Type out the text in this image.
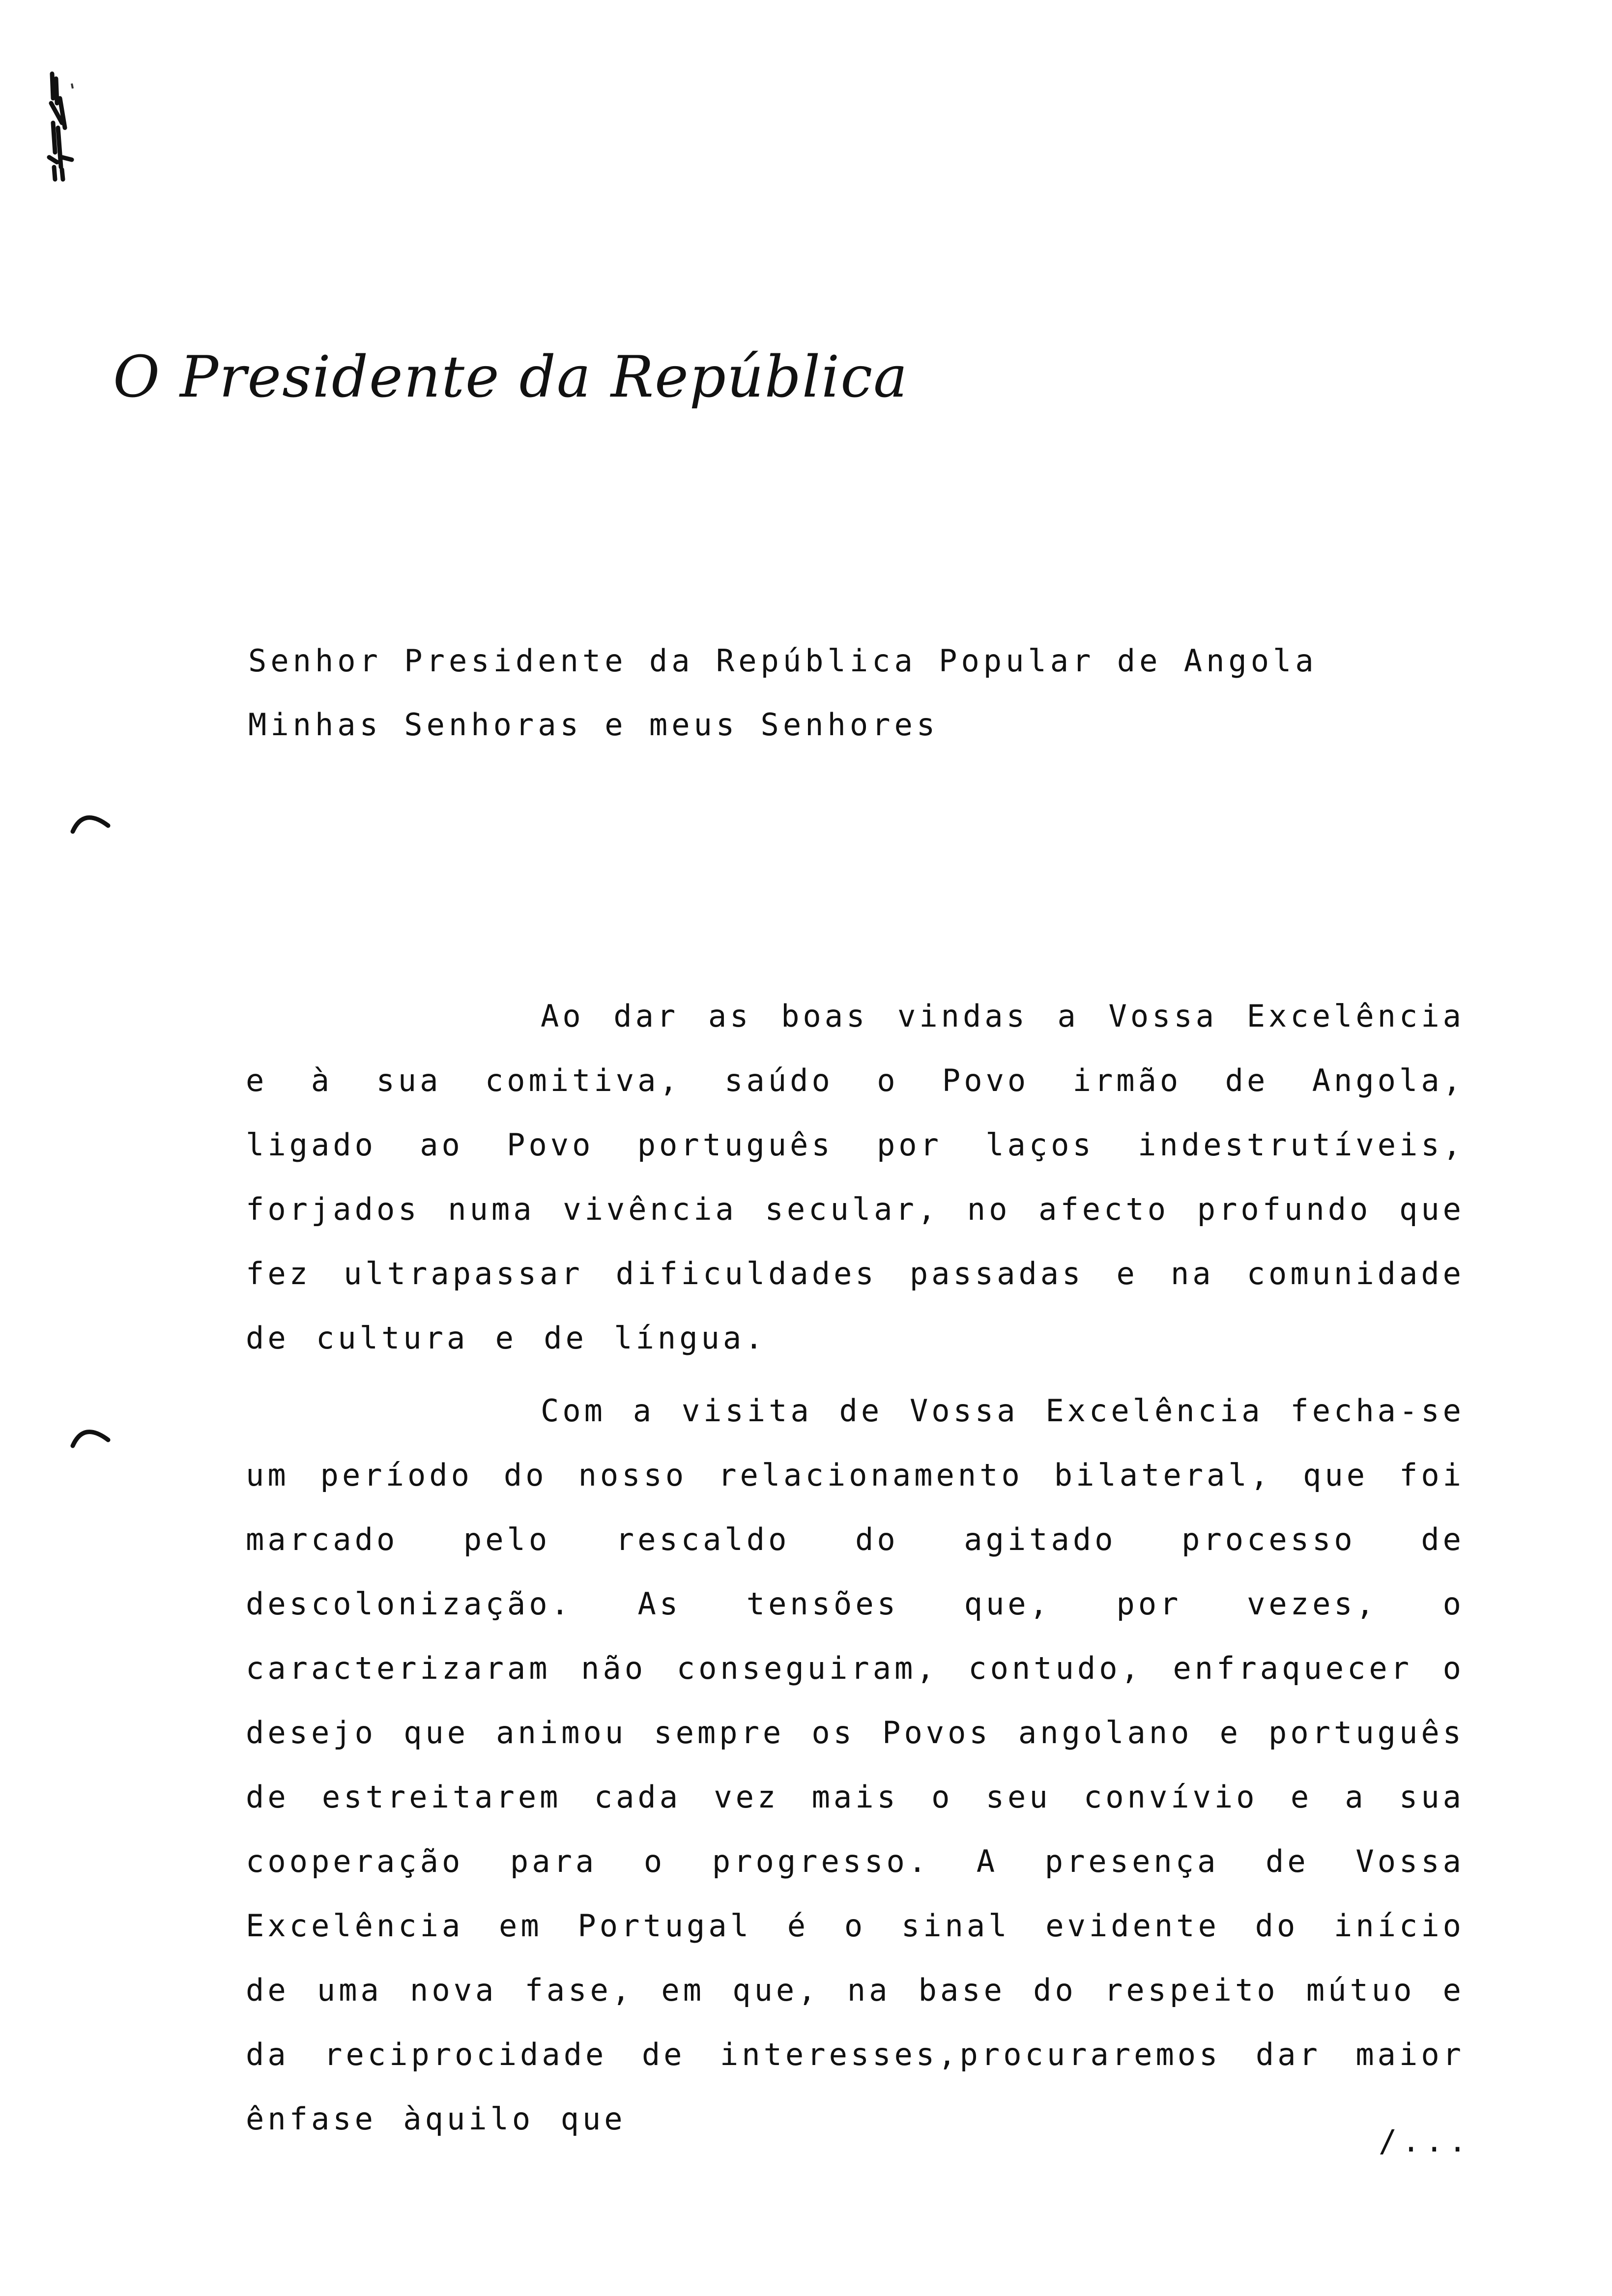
O Presidente da República
Senhor Presidente da República Popular de Angola
Minhas Senhoras e meus Senhores
Ao dar as boas vindas a Vossa Excelência e à sua comitiva, saúdo o Povo irmão de Angola, ligado ao Povo português por laços indestrutíveis, forjados numa vivência secular, no afecto profundo que fez ultrapassar dificuldades passadas e na comunidade de cultura e de língua.
Com a visita de Vossa Excelência fecha-se um período do nosso relacionamento bilateral, que foi marcado pelo rescaldo do agitado processo de descolonização. As tensões que, por vezes, o caracterizaram não conseguiram, contudo, enfraquecer o desejo que animou sempre os Povos angolano e português de estreitarem cada vez mais o seu convívio e a sua cooperação para o progresso. A presença de Vossa Excelência em Portugal é o sinal evidente do início de uma nova fase, em que, na base do respeito mútuo e da reciprocidade de interesses,procuraremos dar maior ênfase àquilo que
/...
